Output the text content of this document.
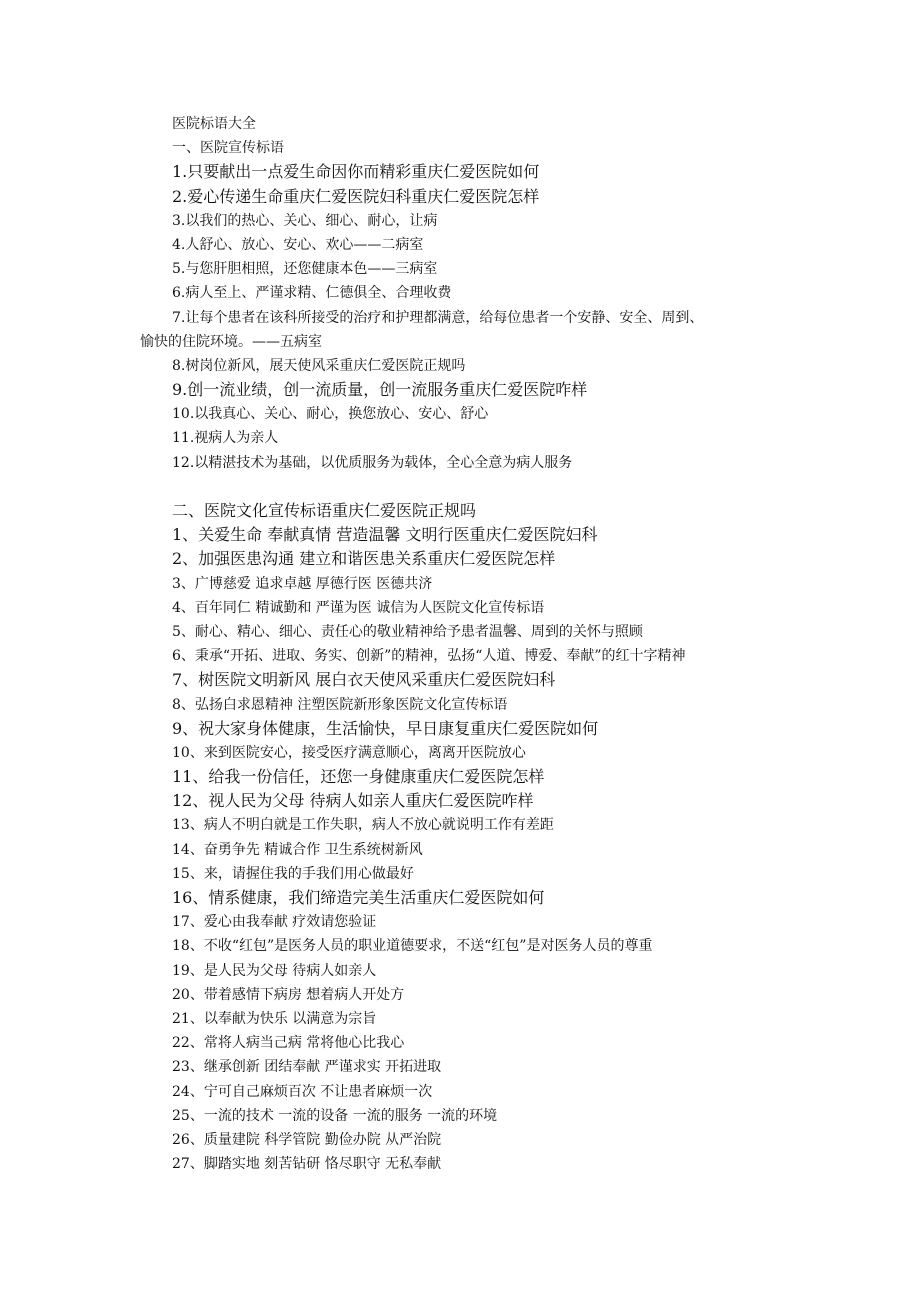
医院标语大全
一、医院宣传标语
1.只要献出一点爱生命因你而精彩重庆仁爱医院如何
2.爱心传递生命重庆仁爱医院妇科重庆仁爱医院怎样
3.以我们的热心、关心、细心、耐心，让病
4.人舒心、放心、安心、欢心——二病室
5.与您肝胆相照，还您健康本色——三病室
6.病人至上、严谨求精、仁德俱全、合理收费
7.让每个患者在该科所接受的治疗和护理都满意，给每位患者一个安静、安全、周到、
愉快的住院环境。——五病室
8.树岗位新风，展天使风采重庆仁爱医院正规吗
9.创一流业绩，创一流质量，创一流服务重庆仁爱医院咋样
10.以我真心、关心、耐心，换您放心、安心、舒心
11.视病人为亲人
12.以精湛技术为基础，以优质服务为载体，全心全意为病人服务
二、医院文化宣传标语重庆仁爱医院正规吗
1、关爱生命 奉献真情 营造温馨 文明行医重庆仁爱医院妇科
2、加强医患沟通 建立和谐医患关系重庆仁爱医院怎样
3、广博慈爱 追求卓越 厚德行医 医德共济
4、百年同仁 精诚勤和 严谨为医 诚信为人医院文化宣传标语
5、耐心、精心、细心、责任心的敬业精神给予患者温馨、周到的关怀与照顾
6、秉承“开拓、进取、务实、创新”的精神，弘扬“人道、博爱、奉献”的红十字精神
7、树医院文明新风 展白衣天使风采重庆仁爱医院妇科
8、弘扬白求恩精神 注塑医院新形象医院文化宣传标语
9、祝大家身体健康，生活愉快，早日康复重庆仁爱医院如何
10、来到医院安心，接受医疗满意顺心，离离开医院放心
11、给我一份信任，还您一身健康重庆仁爱医院怎样
12、视人民为父母 待病人如亲人重庆仁爱医院咋样
13、病人不明白就是工作失职，病人不放心就说明工作有差距
14、奋勇争先 精诚合作 卫生系统树新风
15、来，请握住我的手我们用心做最好
16、情系健康，我们缔造完美生活重庆仁爱医院如何
17、爱心由我奉献 疗效请您验证
18、不收“红包”是医务人员的职业道德要求，不送“红包”是对医务人员的尊重
19、是人民为父母 待病人如亲人
20、带着感情下病房 想着病人开处方
21、以奉献为快乐 以满意为宗旨
22、常将人病当己病 常将他心比我心
23、继承创新 团结奉献 严谨求实 开拓进取
24、宁可自己麻烦百次 不让患者麻烦一次
25、一流的技术 一流的设备 一流的服务 一流的环境
26、质量建院 科学管院 勤俭办院 从严治院
27、脚踏实地 刻苦钻研 恪尽职守 无私奉献
